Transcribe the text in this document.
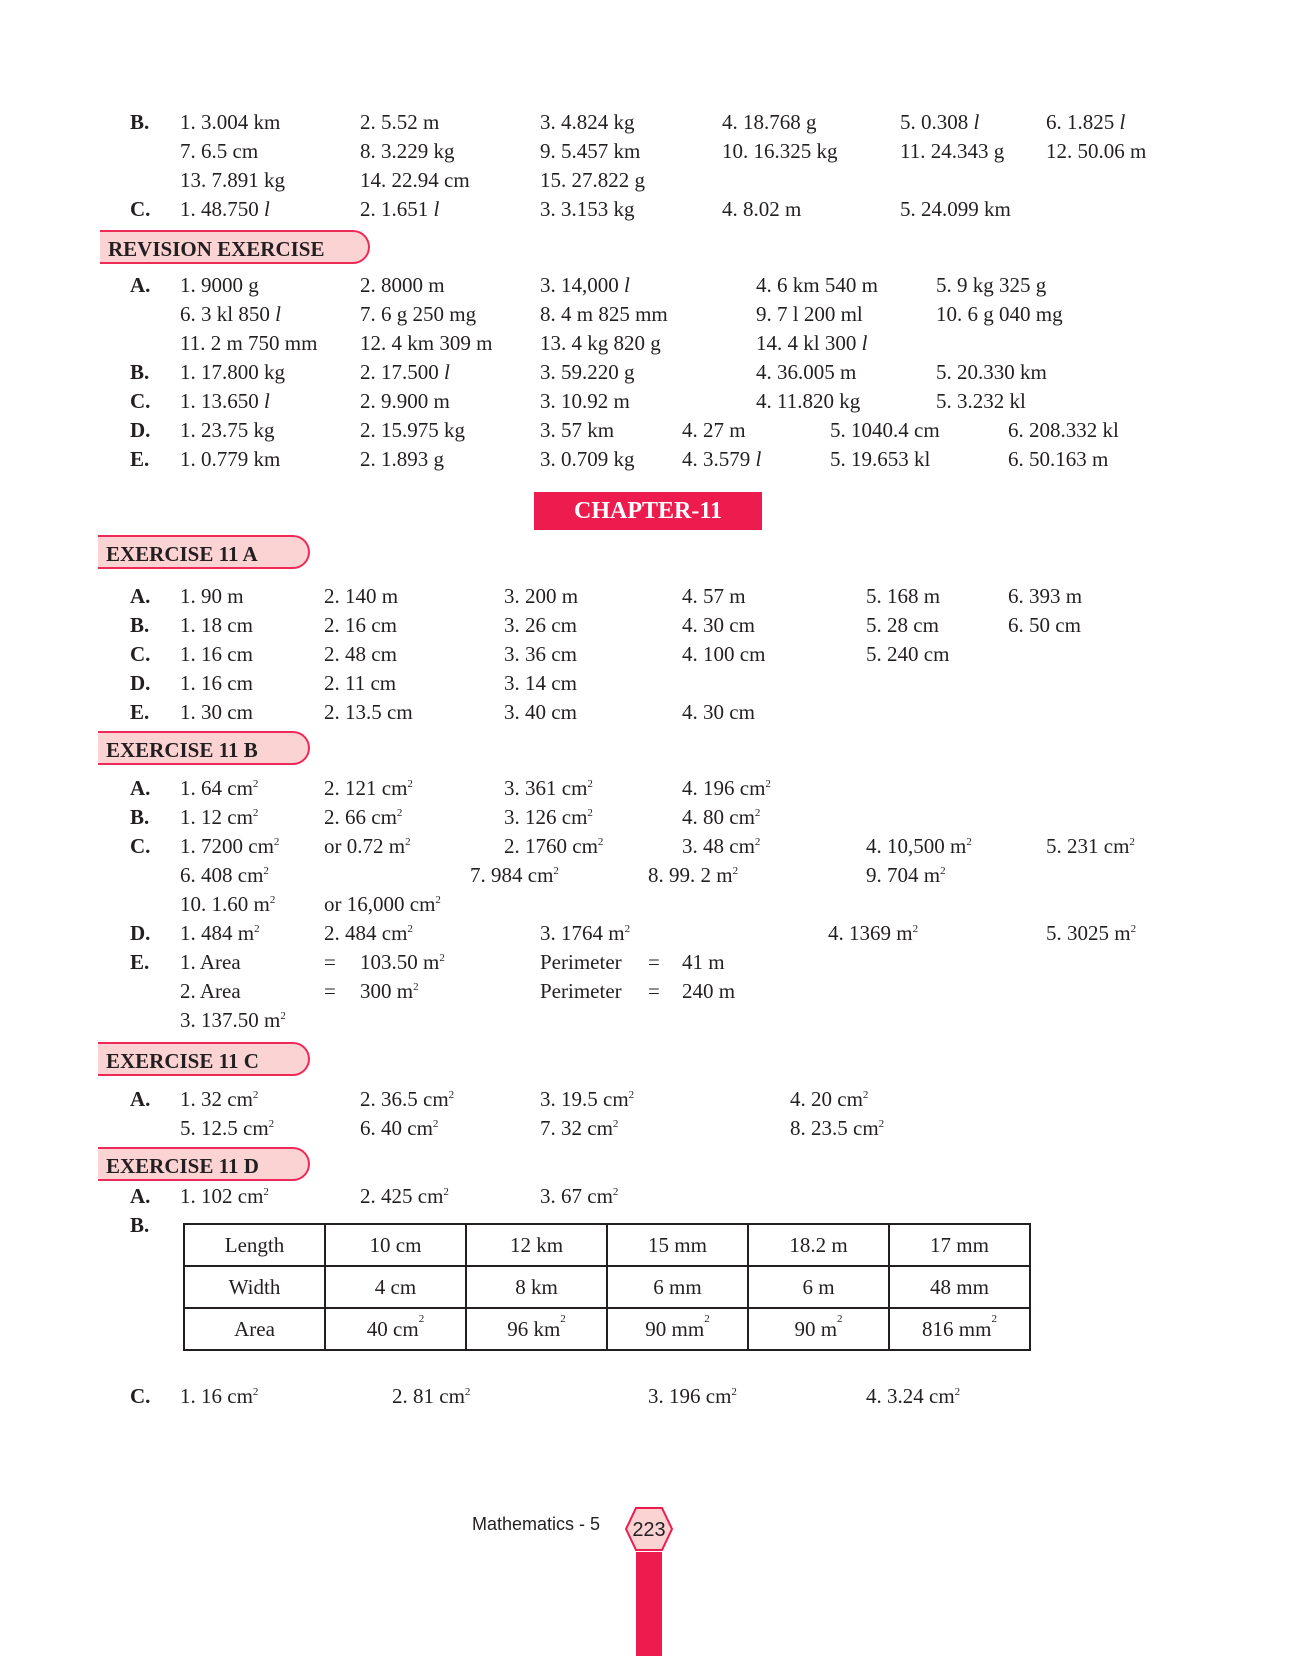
B. 1. 3.004 km	2. 5.52 m	3. 4.824 kg	4. 18.768 g	5. 0.308 l	6. 1.825 l
7. 6.5 cm	8. 3.229 kg	9. 5.457 km	10. 16.325 kg	11. 24.343 g 12. 50.06 m
13. 7.891 kg	14. 22.94 cm	15. 27.822 g
C. 1. 48.750 l	2. 1.651 l	3. 3.153 kg	4. 8.02 m	5. 24.099 km
REVISION EXERCISE
A. 1. 9000 g	2. 8000 m	3. 14,000 l	4. 6 km 540 m	5. 9 kg 325 g
6. 3 kl 850 l	7. 6 g 250 mg	8. 4 m 825 mm	9. 7 l 200 ml	10. 6 g 040 mg
11. 2 m 750 mm 12. 4 km 309 m 13. 4 kg 820 g	14. 4 kl 300 l
B. 1. 17.800 kg	2. 17.500 l	3. 59.220 g	4. 36.005 m	5. 20.330 km
C. 1. 13.650 l	2. 9.900 m	3. 10.92 m	4. 11.820 kg	5. 3.232 kl
D. 1. 23.75 kg	2. 15.975 kg	3. 57 km	4. 27 m	5. 1040.4 cm	6. 208.332 kl
E. 1. 0.779 km	2. 1.893 g	3. 0.709 kg 4. 3.579 l	5. 19.653 kl	6. 50.163 m
CHAPTER-11
EXERCISE 11 A
A. 1. 90 m	2. 140 m	3. 200 m	4. 57 m	5. 168 m	6. 393 m
B. 1. 18 cm	2. 16 cm	3. 26 cm	4. 30 cm	5. 28 cm	6. 50 cm
C. 1. 16 cm	2. 48 cm	3. 36 cm	4. 100 cm	5. 240 cm
D. 1. 16 cm	2. 11 cm	3. 14 cm
E. 1. 30 cm	2. 13.5 cm	3. 40 cm	4. 30 cm
EXERCISE 11 B
A. 1. 64 $cm^2$	2. 121 $cm^2$	3. 361 $cm^2$	4. 196 $cm^2$
B. 1. 12 $cm^2$	2. 66 $cm^2$	3. 126 $cm^2$	4. 80 $cm^2$
C. 1. 7200 $cm^2$ or 0.72 $m^2$	2. 1760 $cm^2$	3. 48 $cm^2$	4. 10,500 $m^2$	5. 231 $cm^2$
6. 408 $cm^2$	7. 984 $cm^2$	8. 99. 2 $m^2$	9. 704 $m^2$
10. 1.60 $m^2$ or 16,000 $cm^2$
D. 1. 484 $m^2$	2. 484 $cm^2$	3. 1764 $m^2$	4. 1369 $m^2$	5. 3025 $m^2$
E. 1. Area	= 103.50 $m^2$	Perimeter = 41 m
2. Area	= 300 $m^2$	Perimeter = 240 m
3. 137.50 $m^2$
EXERCISE 11 C
A. 1. 32 $cm^2$	2. 36.5 $cm^2$	3. 19.5 $cm^2$	4. 20 $cm^2$
5. 12.5 $cm^2$	6. 40 $cm^2$	7. 32 $cm^2$	8. 23.5 $cm^2$
EXERCISE 11 D
A. 1. 102 $cm^2$	2. 425 $cm^2$	3. 67 $cm^2$
B.
Length	10 cm	12 km	15 mm	18.2 m	17 mm
Width	4 cm	8 km	6 mm	6 m	48 mm
Area	40 $cm^2$	96 $km^2$	90 $mm^2$	90 $m^2$	816 $mm^2$
C. 1. 16 $cm^2$	2. 81 $cm^2$	3. 196 $cm^2$	4. 3.24 $cm^2$
Mathematics - 5 223
